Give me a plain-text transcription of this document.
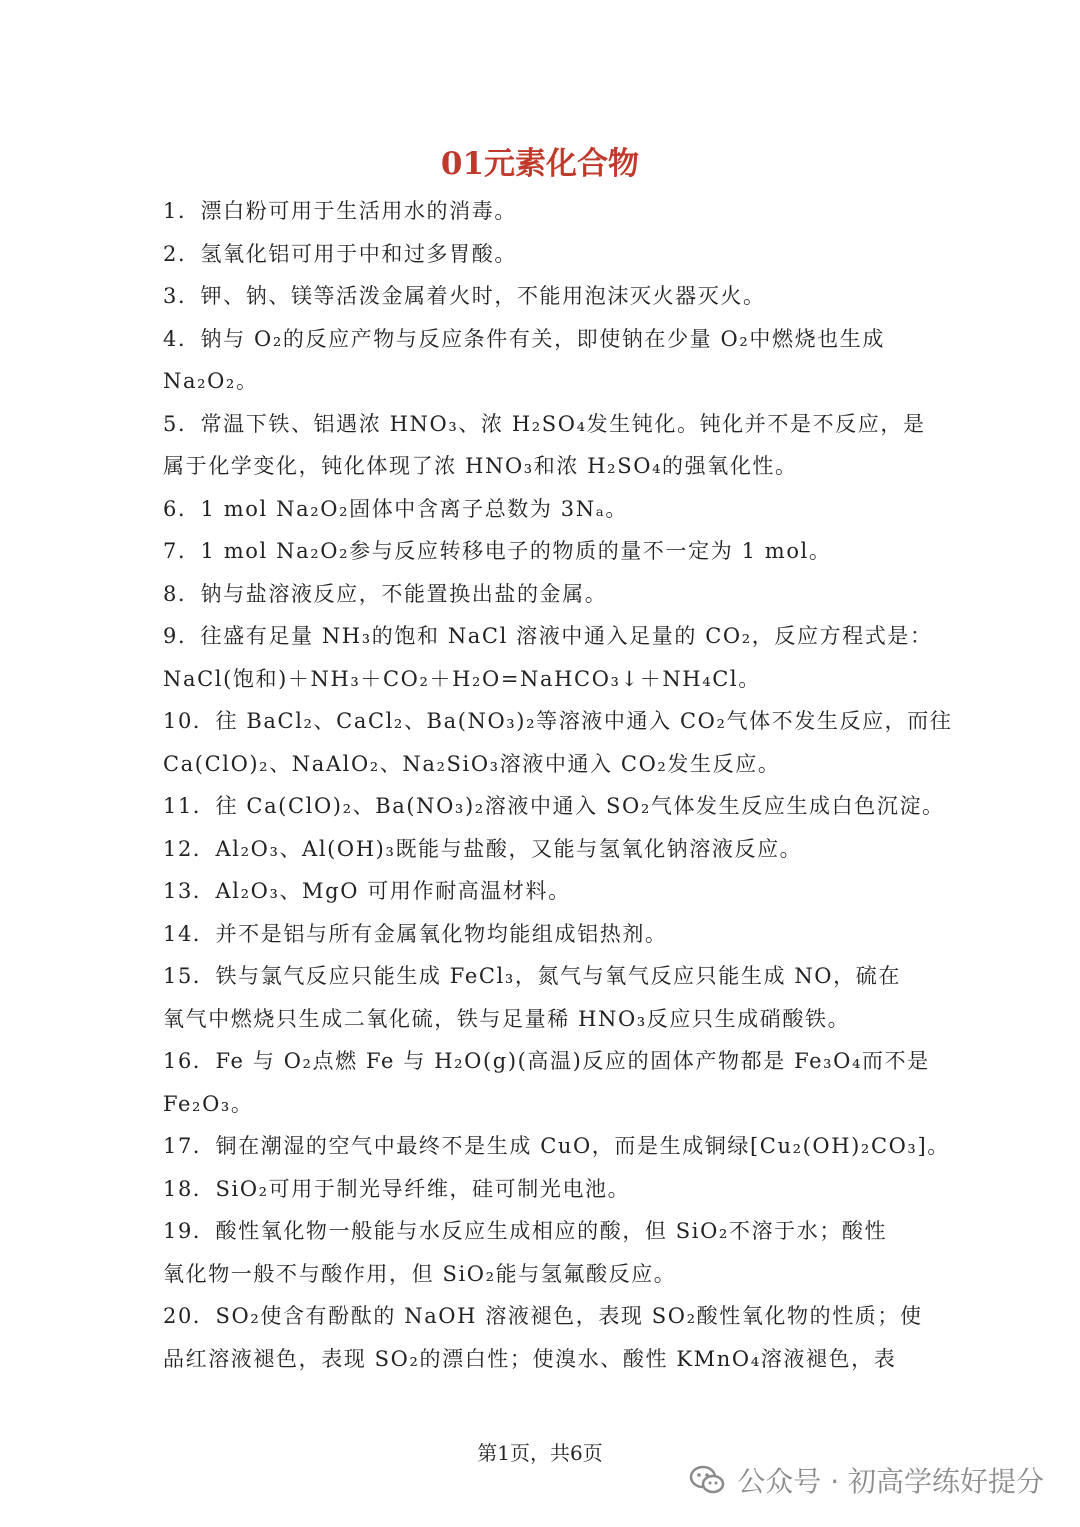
01元素化合物
1．漂白粉可用于生活用水的消毒。
2．氢氧化铝可用于中和过多胃酸。
3．钾、钠、镁等活泼金属着火时，不能用泡沫灭火器灭火。
4．钠与 O₂的反应产物与反应条件有关，即使钠在少量 O₂中燃烧也生成
Na₂O₂。
5．常温下铁、铝遇浓 HNO₃、浓 H₂SO₄发生钝化。钝化并不是不反应，是
属于化学变化，钝化体现了浓 HNO₃和浓 H₂SO₄的强氧化性。
6．1 mol Na₂O₂固体中含离子总数为 3Nₐ。
7．1 mol Na₂O₂参与反应转移电子的物质的量不一定为 1 mol。
8．钠与盐溶液反应，不能置换出盐的金属。
9．往盛有足量 NH₃的饱和 NaCl 溶液中通入足量的 CO₂，反应方程式是：
NaCl(饱和)＋NH₃＋CO₂＋H₂O=NaHCO₃↓＋NH₄Cl。
10．往 BaCl₂、CaCl₂、Ba(NO₃)₂等溶液中通入 CO₂气体不发生反应，而往
Ca(ClO)₂、NaAlO₂、Na₂SiO₃溶液中通入 CO₂发生反应。
11．往 Ca(ClO)₂、Ba(NO₃)₂溶液中通入 SO₂气体发生反应生成白色沉淀。
12．Al₂O₃、Al(OH)₃既能与盐酸，又能与氢氧化钠溶液反应。
13．Al₂O₃、MgO 可用作耐高温材料。
14．并不是铝与所有金属氧化物均能组成铝热剂。
15．铁与氯气反应只能生成 FeCl₃，氮气与氧气反应只能生成 NO，硫在
氧气中燃烧只生成二氧化硫，铁与足量稀 HNO₃反应只生成硝酸铁。
16．Fe 与 O₂点燃 Fe 与 H₂O(g)(高温)反应的固体产物都是 Fe₃O₄而不是
Fe₂O₃。
17．铜在潮湿的空气中最终不是生成 CuO，而是生成铜绿[Cu₂(OH)₂CO₃]。
18．SiO₂可用于制光导纤维，硅可制光电池。
19．酸性氧化物一般能与水反应生成相应的酸，但 SiO₂不溶于水；酸性
氧化物一般不与酸作用，但 SiO₂能与氢氟酸反应。
20．SO₂使含有酚酞的 NaOH 溶液褪色，表现 SO₂酸性氧化物的性质；使
品红溶液褪色，表现 SO₂的漂白性；使溴水、酸性 KMnO₄溶液褪色，表
第1页，共6页
公众号 · 初高学练好提分
